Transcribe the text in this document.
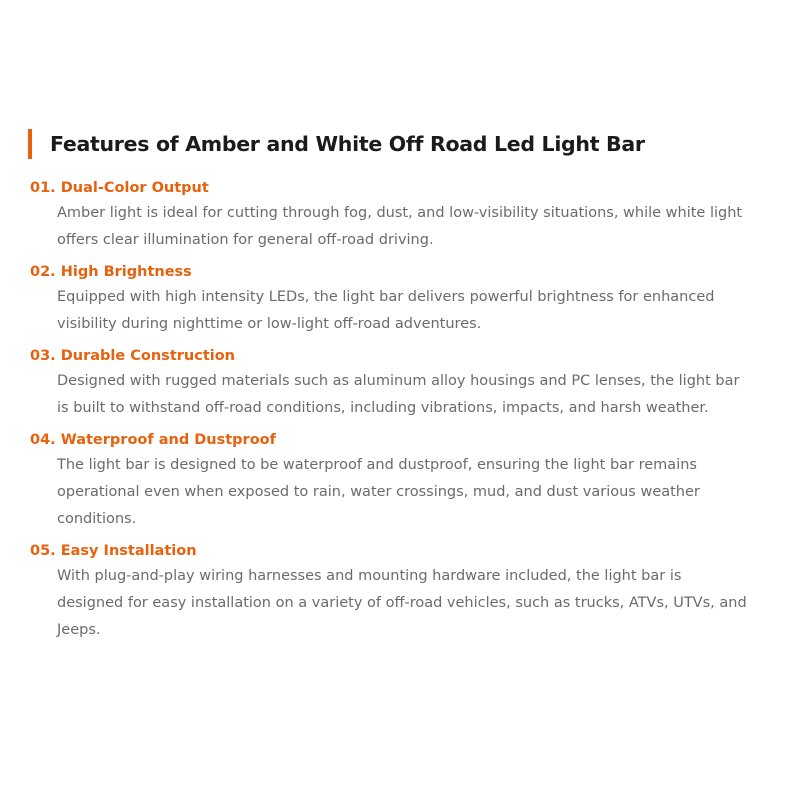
Features of Amber and White Off Road Led Light Bar
01. Dual-Color Output
Amber light is ideal for cutting through fog, dust, and low-visibility situations, while white light offers clear illumination for general off-road driving.
02. High Brightness
Equipped with high intensity LEDs, the light bar delivers powerful brightness for enhanced visibility during nighttime or low-light off-road adventures.
03. Durable Construction
Designed with rugged materials such as aluminum alloy housings and PC lenses, the light bar is built to withstand off-road conditions, including vibrations, impacts, and harsh weather.
04. Waterproof and Dustproof
The light bar is designed to be waterproof and dustproof, ensuring the light bar remains operational even when exposed to rain, water crossings, mud, and dust various weather conditions.
05. Easy Installation
With plug-and-play wiring harnesses and mounting hardware included, the light bar is designed for easy installation on a variety of off-road vehicles, such as trucks, ATVs, UTVs, and Jeeps.
